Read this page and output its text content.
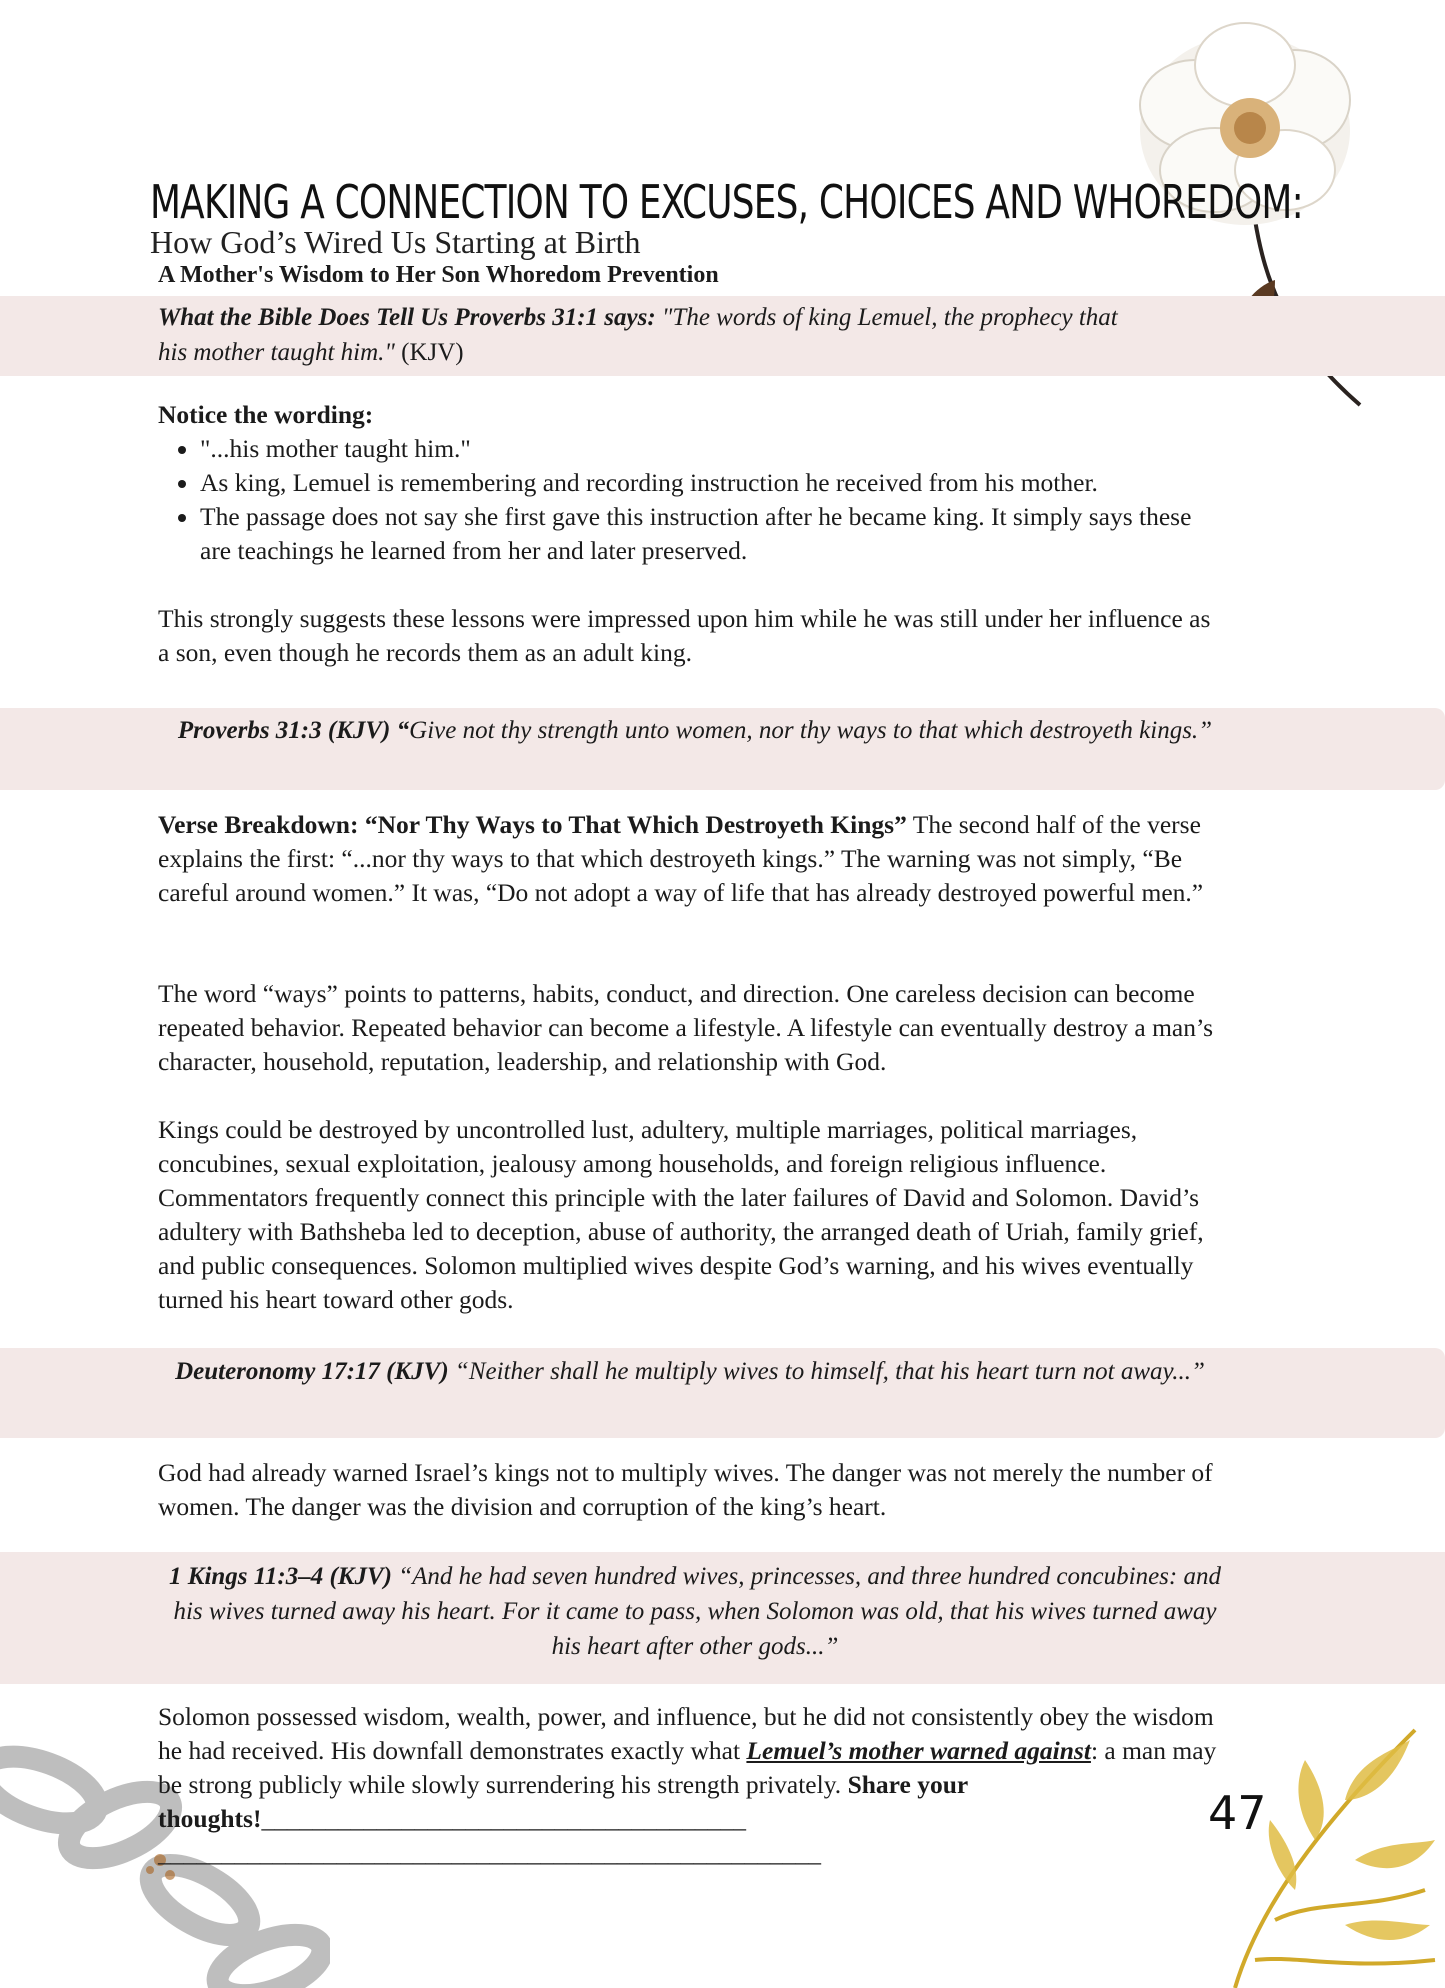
MAKING A CONNECTION TO EXCUSES, CHOICES AND WHOREDOM:
How God’s Wired Us Starting at Birth
A Mother's Wisdom to Her Son Whoredom Prevention
What the Bible Does Tell Us Proverbs 31:1 says: "The words of king Lemuel, the prophecy that
his mother taught him." (KJV)
Notice the wording:
• "...his mother taught him."
• As king, Lemuel is remembering and recording instruction he received from his mother.
• The passage does not say she first gave this instruction after he became king. It simply says these are teachings he learned from her and later preserved.
This strongly suggests these lessons were impressed upon him while he was still under her influence as a son, even though he records them as an adult king.
Proverbs 31:3 (KJV) “Give not thy strength unto women, nor thy ways to that which destroyeth kings.”
Verse Breakdown: “Nor Thy Ways to That Which Destroyeth Kings” The second half of the verse explains the first: “...nor thy ways to that which destroyeth kings.” The warning was not simply, “Be careful around women.” It was, “Do not adopt a way of life that has already destroyed powerful men.”
The word “ways” points to patterns, habits, conduct, and direction. One careless decision can become repeated behavior. Repeated behavior can become a lifestyle. A lifestyle can eventually destroy a man’s character, household, reputation, leadership, and relationship with God.
Kings could be destroyed by uncontrolled lust, adultery, multiple marriages, political marriages, concubines, sexual exploitation, jealousy among households, and foreign religious influence. Commentators frequently connect this principle with the later failures of David and Solomon. David’s adultery with Bathsheba led to deception, abuse of authority, the arranged death of Uriah, family grief, and public consequences. Solomon multiplied wives despite God’s warning, and his wives eventually turned his heart toward other gods.
Deuteronomy 17:17 (KJV) “Neither shall he multiply wives to himself, that his heart turn not away...”
God had already warned Israel’s kings not to multiply wives. The danger was not merely the number of women. The danger was the division and corruption of the king’s heart.
1 Kings 11:3–4 (KJV) “And he had seven hundred wives, princesses, and three hundred concubines: and his wives turned away his heart. For it came to pass, when Solomon was old, that his wives turned away his heart after other gods...”
Solomon possessed wisdom, wealth, power, and influence, but he did not consistently obey the wisdom he had received. His downfall demonstrates exactly what Lemuel’s mother warned against: a man may be strong publicly while slowly surrendering his strength privately. Share your thoughts!______________________________________
____________________________________________________
47
